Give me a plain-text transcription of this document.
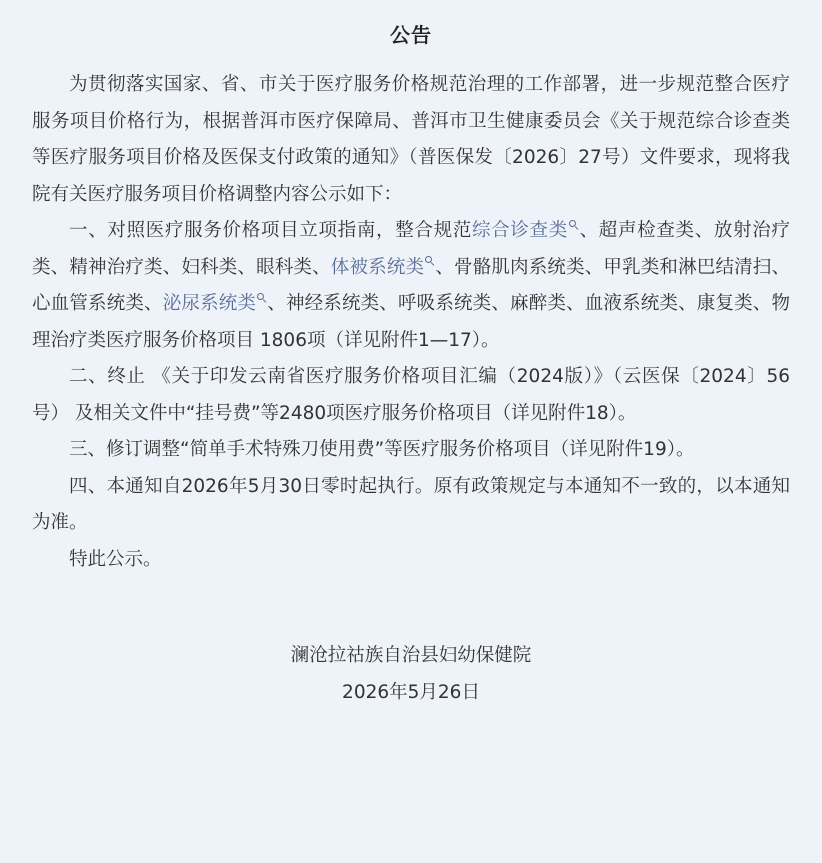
公告

为贯彻落实国家、省、市关于医疗服务价格规范治理的工作部署，进一步规范整合医疗服务项目价格行为，根据普洱市医疗保障局、普洱市卫生健康委员会《关于规范综合诊查类等医疗服务项目价格及医保支付政策的通知》（普医保发〔2026〕27号）文件要求，现将我院有关医疗服务项目价格调整内容公示如下：

一、对照医疗服务价格项目立项指南，整合规范综合诊查类 、超声检查类、放射治疗类、精神治疗类、妇科类、眼科类、体被系统类 、骨骼肌肉系统类、甲乳类和淋巴结清扫、心血管系统类、泌尿系统类 、神经系统类、呼吸系统类、麻醉类、血液系统类、康复类、物理治疗类医疗服务价格项目 1806项（详见附件1—17）。

二、终止 《关于印发云南省医疗服务价格项目汇编（2024版）》（云医保〔2024〕56号） 及相关文件中“挂号费”等2480项医疗服务价格项目（详见附件18）。

三、修订调整“简单手术特殊刀使用费”等医疗服务价格项目（详见附件19）。

四、本通知自2026年5月30日零时起执行。原有政策规定与本通知不一致的，以本通知为准。

特此公示。

澜沧拉祜族自治县妇幼保健院
2026年5月26日
